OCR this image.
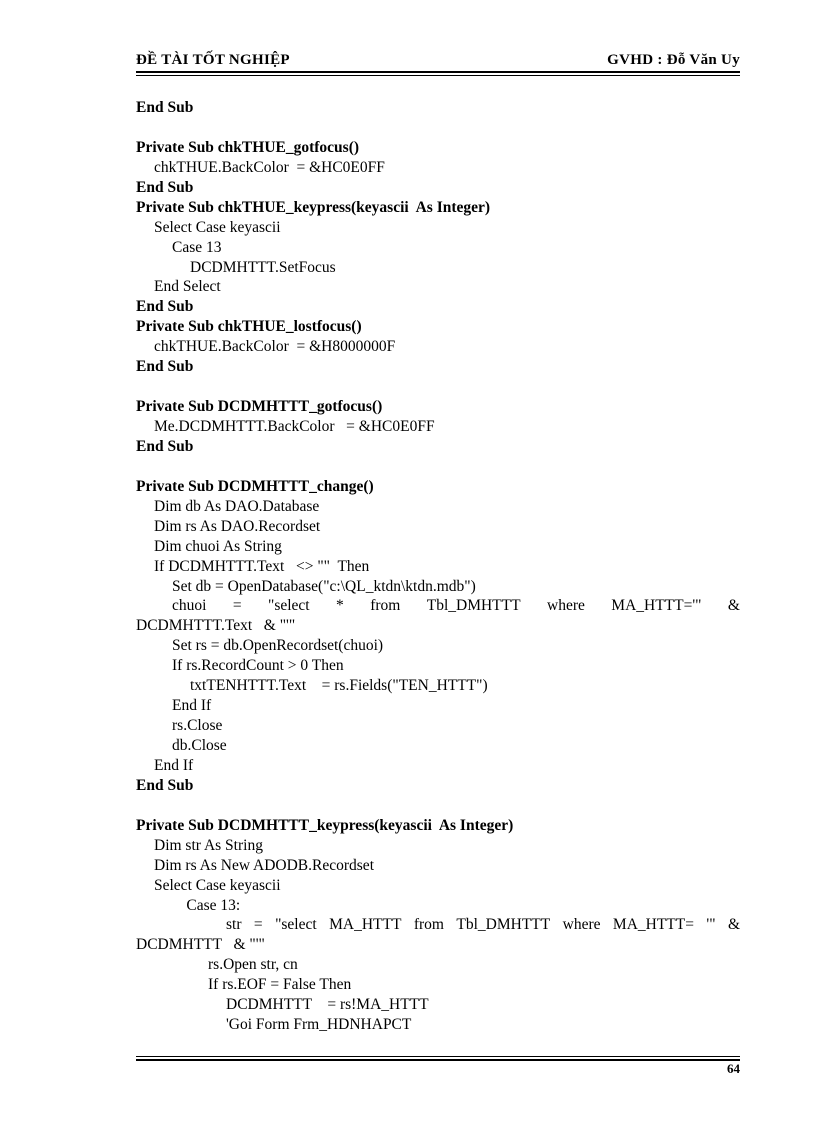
ĐỀ TÀI TỐT NGHIỆP	GVHD : Đỗ Văn Uy
End Sub
Private Sub chkTHUE_gotfocus()
chkTHUE.BackColor  = &HC0E0FF
End Sub
Private Sub chkTHUE_keypress(keyascii  As Integer)
Select Case keyascii
Case 13
DCDMHTTT.SetFocus
End Select
End Sub
Private Sub chkTHUE_lostfocus()
chkTHUE.BackColor  = &H8000000F
End Sub
Private Sub DCDMHTTT_gotfocus()
Me.DCDMHTTT.BackColor   = &HC0E0FF
End Sub
Private Sub DCDMHTTT_change()
Dim db As DAO.Database
Dim rs As DAO.Recordset
Dim chuoi As String
If DCDMHTTT.Text   <> ""  Then
Set db = OpenDatabase("c:\QL_ktdn\ktdn.mdb")
chuoi = "select * from Tbl_DMHTTT where MA_HTTT='" &
DCDMHTTT.Text   & "'"
Set rs = db.OpenRecordset(chuoi)
If rs.RecordCount > 0 Then
txtTENHTTT.Text    = rs.Fields("TEN_HTTT")
End If
rs.Close
db.Close
End If
End Sub
Private Sub DCDMHTTT_keypress(keyascii  As Integer)
Dim str As String
Dim rs As New ADODB.Recordset
Select Case keyascii
Case 13:
str = "select MA_HTTT from Tbl_DMHTTT where MA_HTTT= '" &
DCDMHTTT   & "'"
rs.Open str, cn
If rs.EOF = False Then
DCDMHTTT    = rs!MA_HTTT
'Goi Form Frm_HDNHAPCT
64
